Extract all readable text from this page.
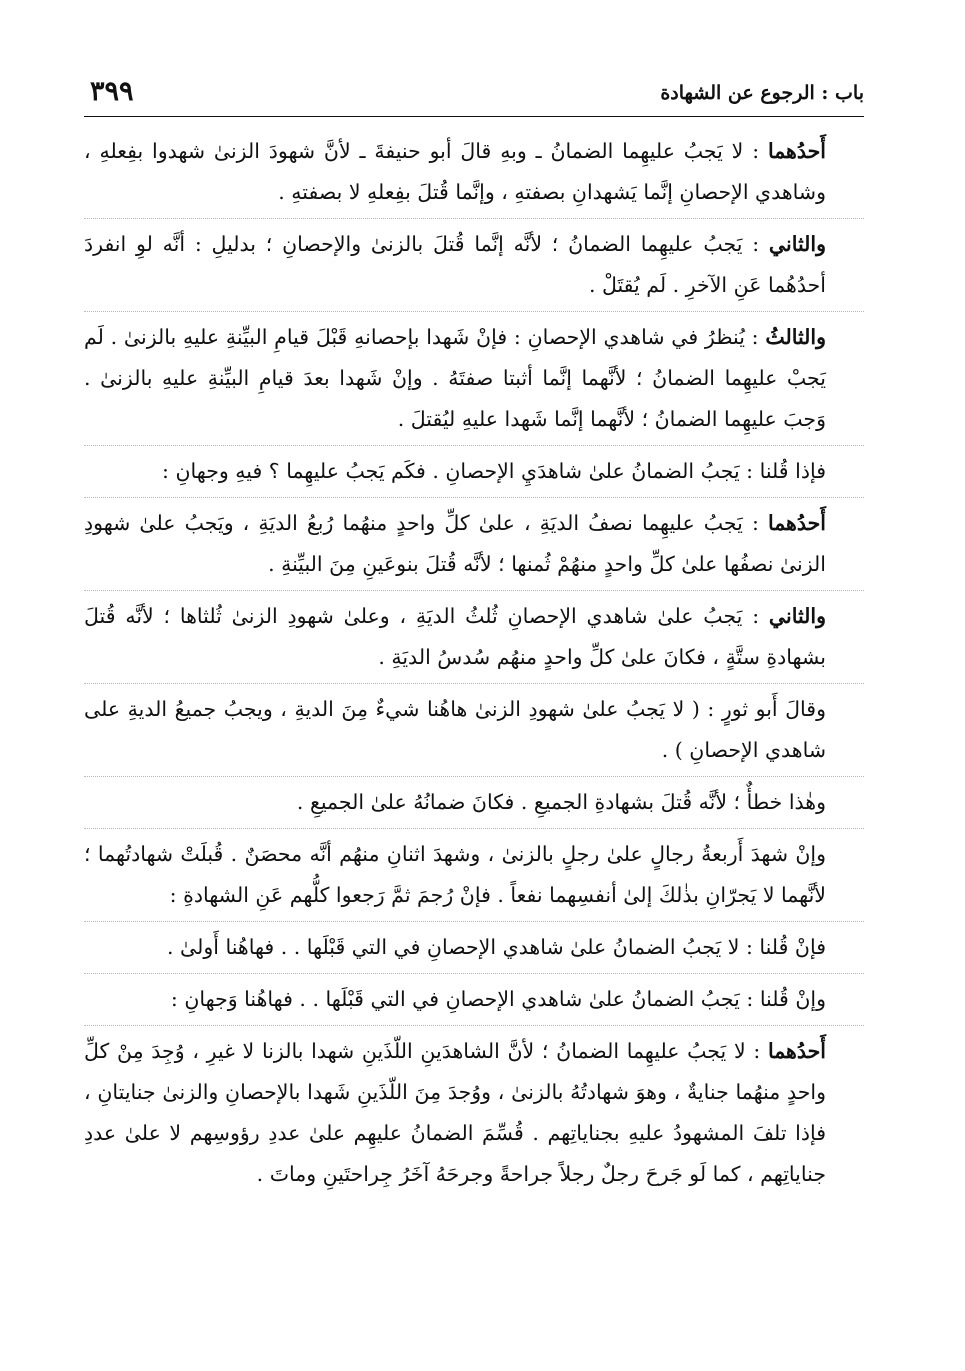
باب : الرجوع عن الشهادة
٣٩٩

أَحدُهما : لا يَجبُ عليهِما الضمانُ ـ وبهِ قالَ أبو حنيفةَ ـ لأنَّ شهودَ الزنىٰ شهدوا بفِعلهِ ، وشاهدي الإحصانِ إنَّما يَشهدانِ بصفتهِ ، وإنَّما قُتلَ بفِعلهِ لا بصفتهِ .

والثاني : يَجبُ عليهِما الضمانُ ؛ لأنَّه إنَّما قُتلَ بالزنىٰ والإحصانِ ؛ بدليلِ : أنَّه لوِ انفردَ أحدُهُما عَنِ الآخرِ . لَم يُقتَلْ .

والثالثُ : يُنظرُ في شاهدي الإحصانِ : فإنْ شَهدا بإحصانهِ قَبْلَ قيامِ البيِّنةِ عليهِ بالزنىٰ . لَم يَجبْ عليهِما الضمانُ ؛ لأنَّهما إنَّما أثبتا صفتَهُ . وإنْ شَهدا بعدَ قيامِ البيِّنةِ عليهِ بالزنىٰ . وَجبَ عليهِما الضمانُ ؛ لأنَّهما إنَّما شَهدا عليهِ ليُقتلَ .

فإذا قُلنا : يَجبُ الضمانُ علىٰ شاهدَيِ الإحصانِ . فكَم يَجبُ عليهِما ؟ فيهِ وجهانِ :

أَحدُهما : يَجبُ عليهِما نصفُ الديَةِ ، علىٰ كلِّ واحدٍ منهُما رُبعُ الديَةِ ، ويَجبُ علىٰ شهودِ الزنىٰ نصفُها علىٰ كلِّ واحدٍ منهُمْ ثُمنها ؛ لأنَّه قُتلَ بنوعَينِ مِنَ البيِّنةِ .

والثاني : يَجبُ علىٰ شاهدي الإحصانِ ثُلثُ الديَةِ ، وعلىٰ شهودِ الزنىٰ ثُلثاها ؛ لأنَّه قُتلَ بشهادةِ ستَّةٍ ، فكانَ علىٰ كلِّ واحدٍ منهُم سُدسُ الديَةِ .

وقالَ أَبو ثورٍ : ( لا يَجبُ علىٰ شهودِ الزنىٰ هاهُنا شيءٌ مِنَ الديةِ ، ويجبُ جميعُ الديةِ على شاهدي الإحصانِ ) .

وهٰذا خطأٌ ؛ لأنَّه قُتلَ بشهادةِ الجميعِ . فكانَ ضمانُهُ علىٰ الجميعِ .

وإنْ شهدَ أَربعةُ رجالٍ علىٰ رجلٍ بالزنىٰ ، وشهدَ اثنانِ منهُم أنَّه محصَنٌ . قُبلَتْ شهادتُهما ؛ لأنَّهما لا يَجرّانِ بذٰلكَ إلىٰ أنفسِهما نفعاً . فإنْ رُجمَ ثمَّ رَجعوا كلُّهم عَنِ الشهادةِ :

فإنْ قُلنا : لا يَجبُ الضمانُ علىٰ شاهدي الإحصانِ في التي قَبْلَها . . فهاهُنا أَولىٰ .

وإنْ قُلنا : يَجبُ الضمانُ علىٰ شاهدي الإحصانِ في التي قَبْلَها . . فهاهُنا وَجهانِ :

أَحدُهما : لا يَجبُ عليهِما الضمانُ ؛ لأنَّ الشاهدَينِ اللّذَينِ شهدا بالزنا لا غيرِ ، وُجِدَ مِنْ كلِّ واحدٍ منهُما جنايةٌ ، وهوَ شهادتُهُ بالزنىٰ ، ووُجدَ مِنَ اللّذَينِ شَهدا بالإحصانِ والزنىٰ جنايتانِ ، فإذا تلفَ المشهودُ عليهِ بجناياتِهم . قُسِّمَ الضمانُ عليهِم علىٰ عددِ رؤوسِهم لا علىٰ عددِ جناياتِهم ، كما لَو جَرحَ رجلٌ رجلاً جراحةً وجرحَهُ آخَرُ جِراحتَينِ وماتَ .
